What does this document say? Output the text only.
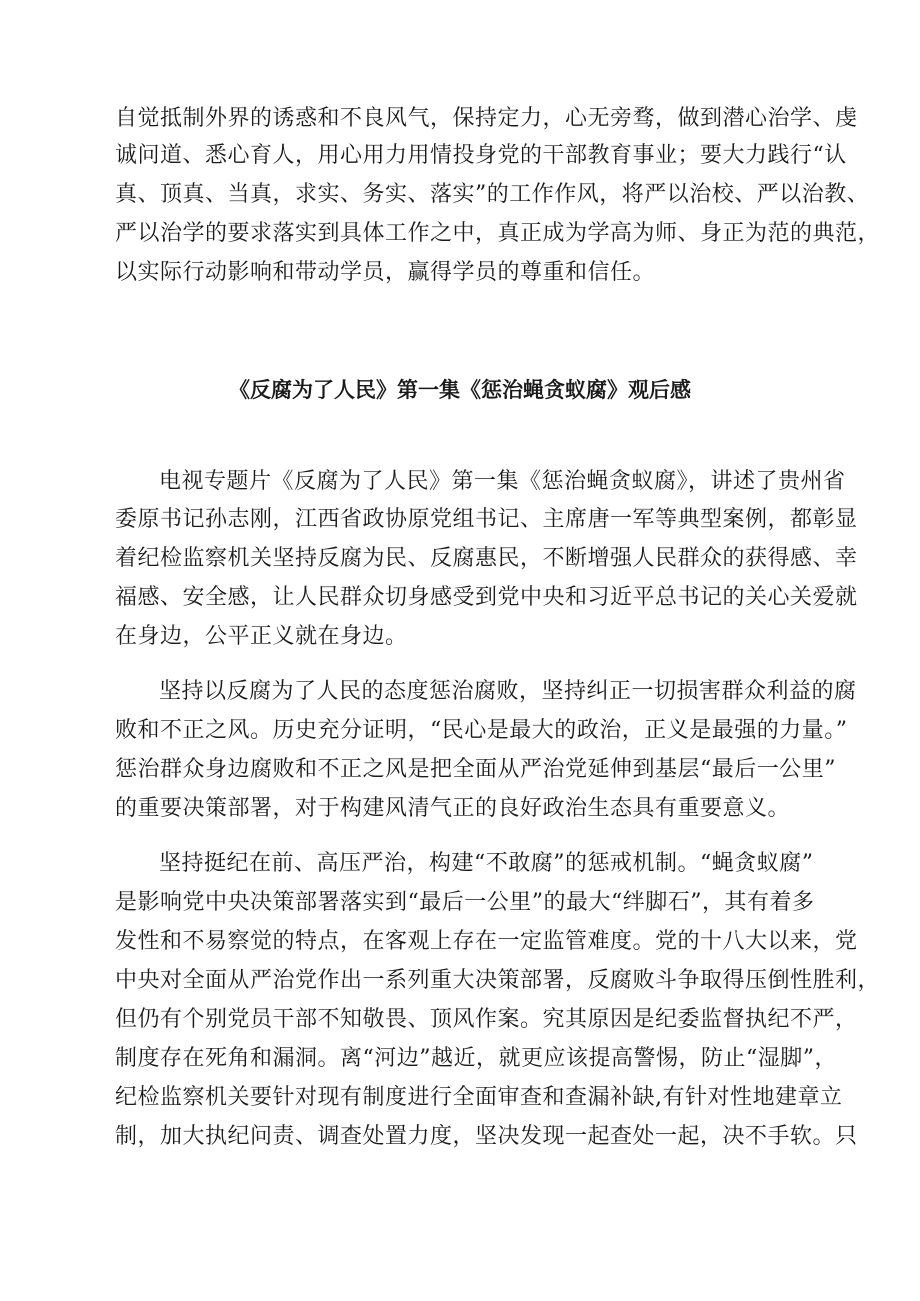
自觉抵制外界的诱惑和不良风气，保持定力，心无旁骛，做到潜心治学、虔
诚问道、悉心育人，用心用力用情投身党的干部教育事业；要大力践行“认
真、顶真、当真，求实、务实、落实”的工作作风，将严以治校、严以治教、
严以治学的要求落实到具体工作之中，真正成为学高为师、身正为范的典范，
以实际行动影响和带动学员，赢得学员的尊重和信任。
《反腐为了人民》第一集《惩治蝇贪蚁腐》观后感
电视专题片《反腐为了人民》第一集《惩治蝇贪蚁腐》，讲述了贵州省
委原书记孙志刚，江西省政协原党组书记、主席唐一军等典型案例，都彰显
着纪检监察机关坚持反腐为民、反腐惠民，不断增强人民群众的获得感、幸
福感、安全感，让人民群众切身感受到党中央和习近平总书记的关心关爱就
在身边，公平正义就在身边。
坚持以反腐为了人民的态度惩治腐败，坚持纠正一切损害群众利益的腐
败和不正之风。历史充分证明，“民心是最大的政治，正义是最强的力量。”
惩治群众身边腐败和不正之风是把全面从严治党延伸到基层“最后一公里”
的重要决策部署，对于构建风清气正的良好政治生态具有重要意义。
坚持挺纪在前、高压严治，构建“不敢腐”的惩戒机制。“蝇贪蚁腐”
是影响党中央决策部署落实到“最后一公里”的最大“绊脚石”，其有着多
发性和不易察觉的特点，在客观上存在一定监管难度。党的十八大以来，党
中央对全面从严治党作出一系列重大决策部署，反腐败斗争取得压倒性胜利，
但仍有个别党员干部不知敬畏、顶风作案。究其原因是纪委监督执纪不严，
制度存在死角和漏洞。离“河边”越近，就更应该提高警惕，防止“湿脚”，
纪检监察机关要针对现有制度进行全面审查和查漏补缺,有针对性地建章立
制，加大执纪问责、调查处置力度，坚决发现一起查处一起，决不手软。只
